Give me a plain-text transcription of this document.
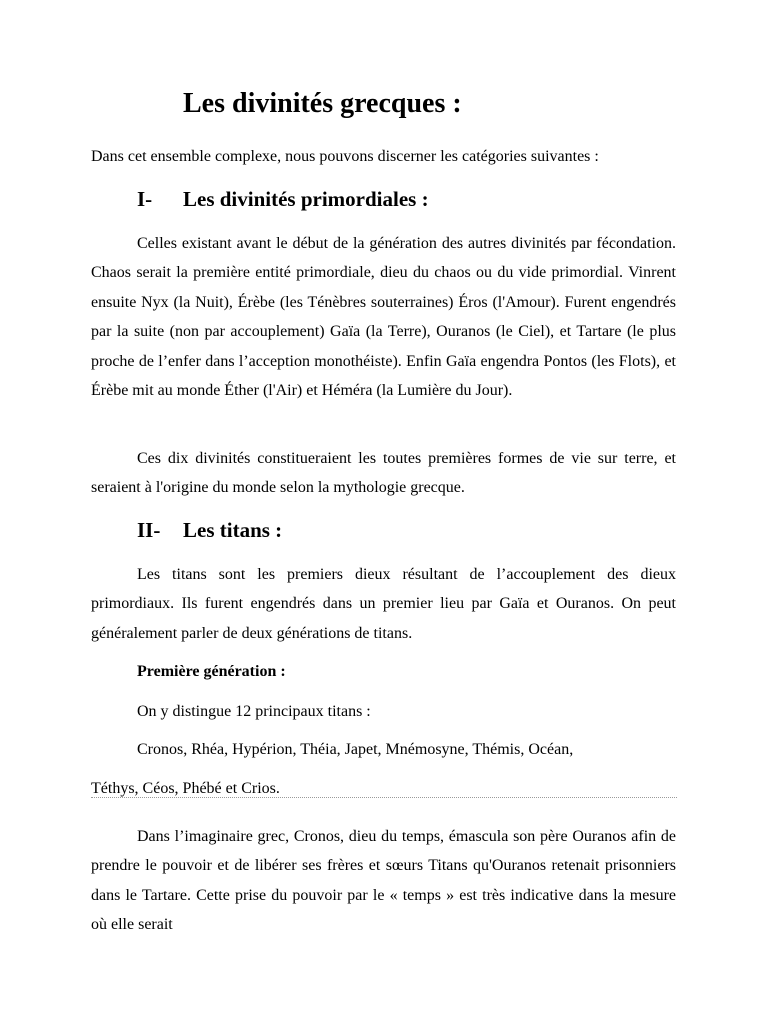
Les divinités grecques :

Dans cet ensemble complexe, nous pouvons discerner les catégories suivantes :

I- Les divinités primordiales :

Celles existant avant le début de la génération des autres divinités par fécondation. Chaos serait la première entité primordiale, dieu du chaos ou du vide primordial. Vinrent ensuite Nyx (la Nuit), Érèbe (les Ténèbres souterraines) Éros (l'Amour). Furent engendrés par la suite (non par accouplement) Gaïa (la Terre), Ouranos (le Ciel), et Tartare (le plus proche de l’enfer dans l’acception monothéiste). Enfin Gaïa engendra Pontos (les Flots), et Érèbe mit au monde Éther (l'Air) et Héméra (la Lumière du Jour).

Ces dix divinités constitueraient les toutes premières formes de vie sur terre, et seraient à l'origine du monde selon la mythologie grecque.

II- Les titans :

Les titans sont les premiers dieux résultant de l’accouplement des dieux primordiaux. Ils furent engendrés dans un premier lieu par Gaïa et Ouranos. On peut généralement parler de deux générations de titans.

Première génération :

On y distingue 12 principaux titans :

Cronos, Rhéa, Hypérion, Théia, Japet, Mnémosyne, Thémis, Océan,

Téthys, Céos, Phébé et Crios.

Dans l’imaginaire grec, Cronos, dieu du temps, émascula son père Ouranos afin de prendre le pouvoir et de libérer ses frères et sœurs Titans qu'Ouranos retenait prisonniers dans le Tartare. Cette prise du pouvoir par le « temps » est très indicative dans la mesure où elle serait
